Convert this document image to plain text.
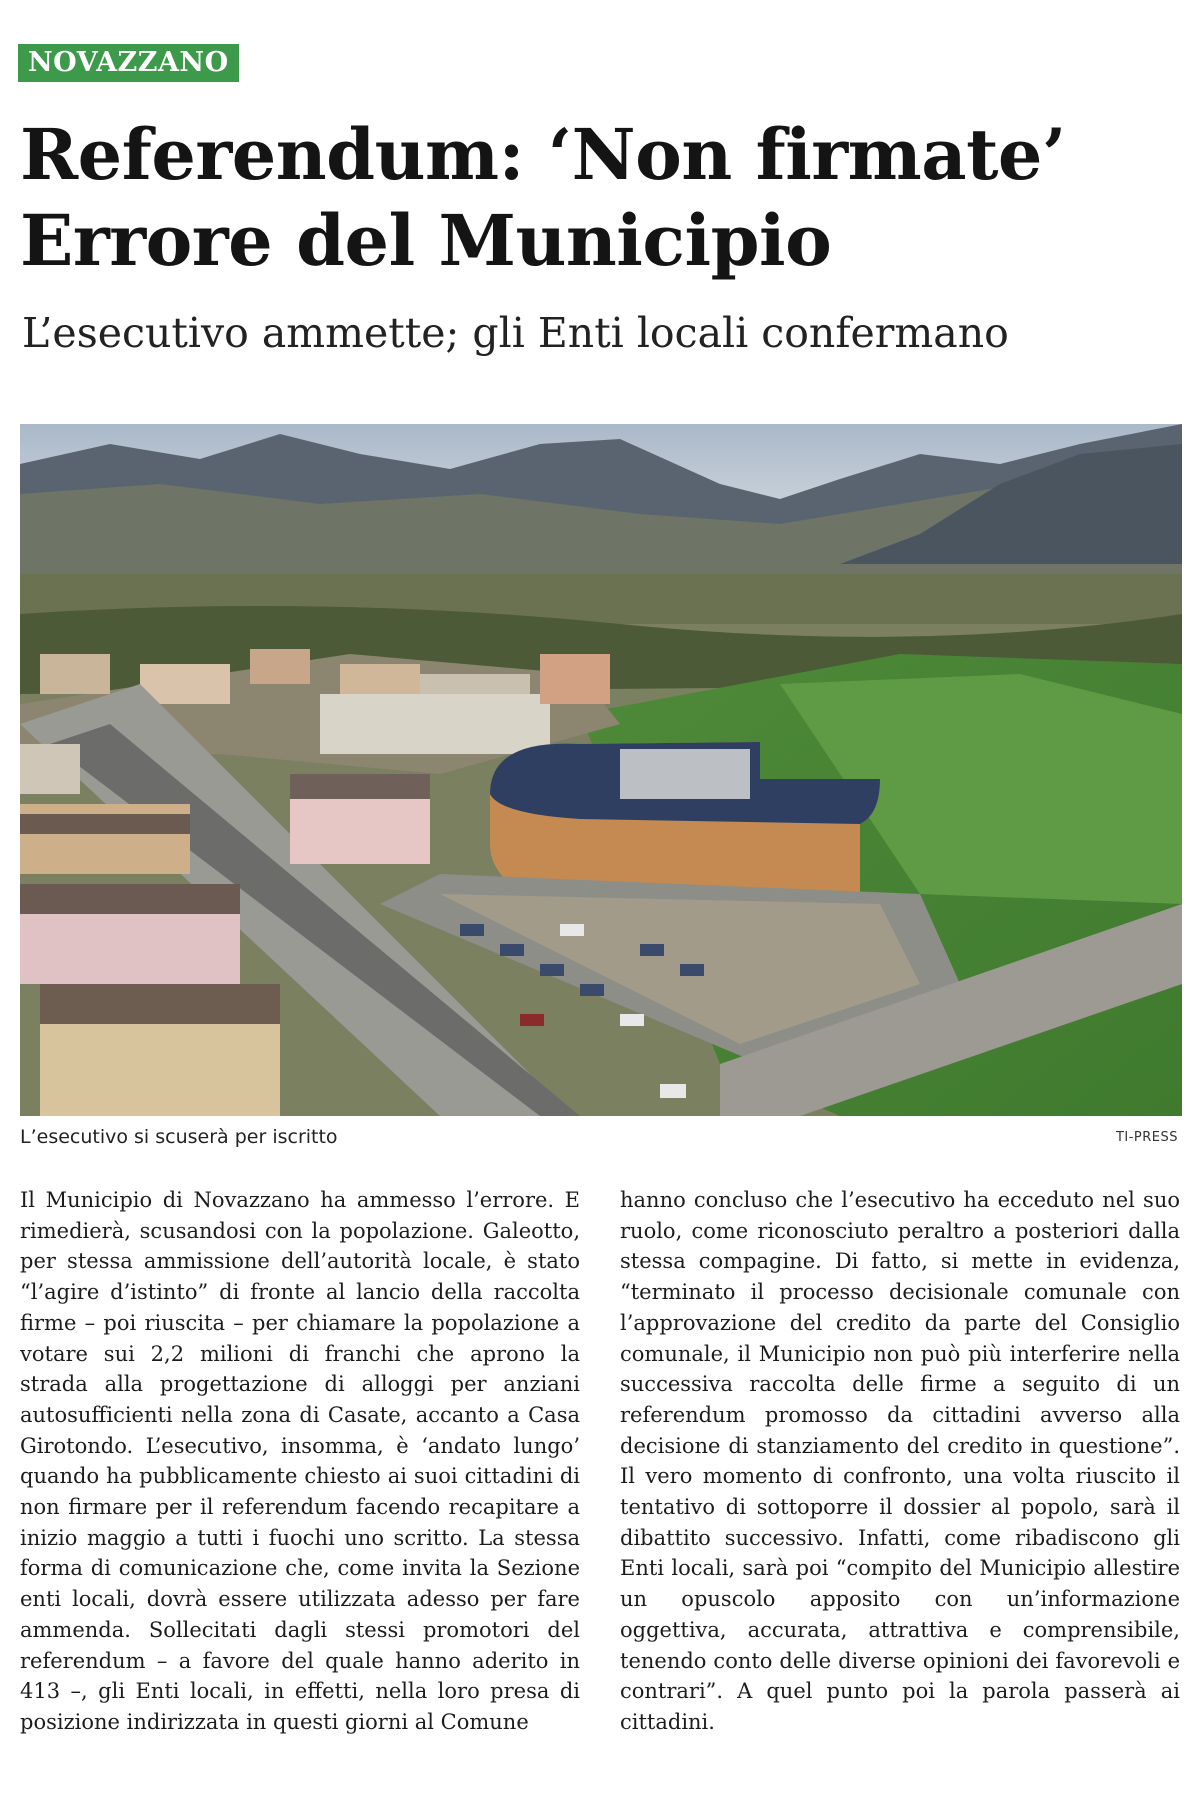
NOVAZZANO
Referendum: ‘Non firmate’
Errore del Municipio
L’esecutivo ammette; gli Enti locali confermano
L’esecutivo si scuserà per iscritto	TI-PRESS

Il Municipio di Novazzano ha ammesso l’errore. E rimedierà, scusandosi con la popolazione. Galeotto, per stessa ammissione dell’autorità locale, è stato “l’agire d’istinto” di fronte al lancio della raccolta firme – poi riuscita – per chiamare la popolazione a votare sui 2,2 milioni di franchi che aprono la strada alla progettazione di alloggi per anziani autosufficienti nella zona di Casate, accanto a Casa Girotondo. L’esecutivo, insomma, è ‘andato lungo’ quando ha pubblicamente chiesto ai suoi cittadini di non firmare per il referendum facendo recapitare a inizio maggio a tutti i fuochi uno scritto. La stessa forma di comunicazione che, come invita la Sezione enti locali, dovrà essere utilizzata adesso per fare ammenda. Sollecitati dagli stessi promotori del referendum – a favore del quale hanno aderito in 413 –, gli Enti locali, in effetti, nella loro presa di posizione indirizzata in questi giorni al Comune

hanno concluso che l’esecutivo ha ecceduto nel suo ruolo, come riconosciuto peraltro a posteriori dalla stessa compagine. Di fatto, si mette in evidenza, “terminato il processo decisionale comunale con l’approvazione del credito da parte del Consiglio comunale, il Municipio non può più interferire nella successiva raccolta delle firme a seguito di un referendum promosso da cittadini avverso alla decisione di stanziamento del credito in questione”. Il vero momento di confronto, una volta riuscito il tentativo di sottoporre il dossier al popolo, sarà il dibattito successivo. Infatti, come ribadiscono gli Enti locali, sarà poi “compito del Municipio allestire un opuscolo apposito con un’informazione oggettiva, accurata, attrattiva e comprensibile, tenendo conto delle diverse opinioni dei favorevoli e contrari”. A quel punto poi la parola passerà ai cittadini.
